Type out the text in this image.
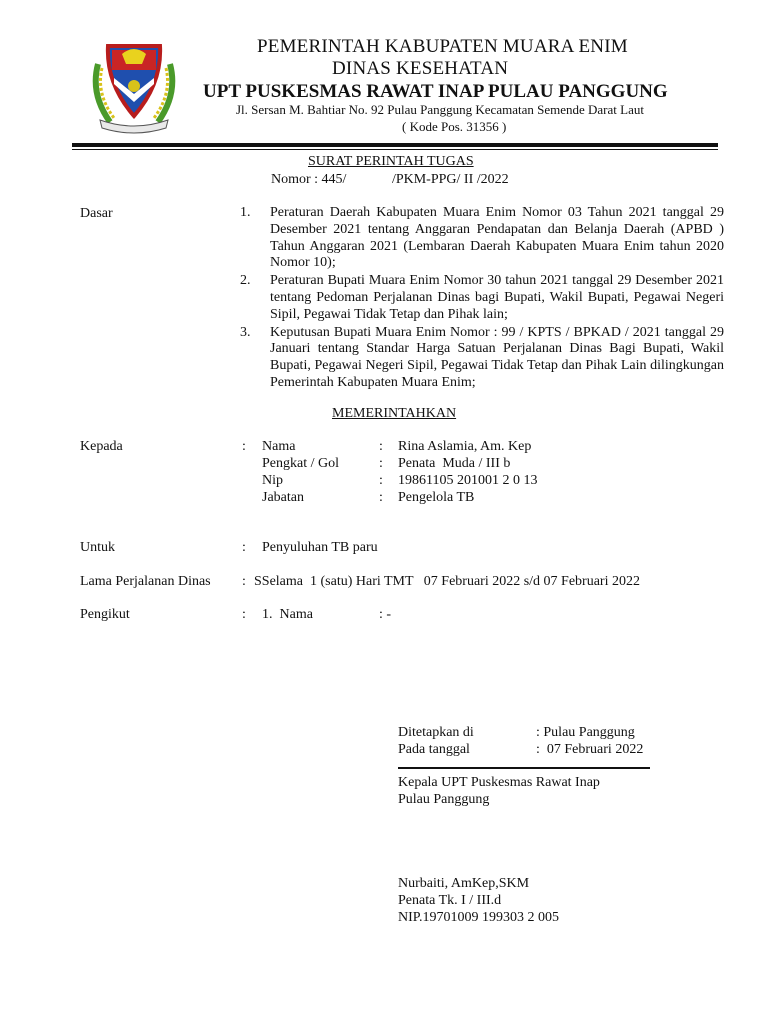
PEMERINTAH KABUPATEN MUARA ENIM
DINAS KESEHATAN
UPT PUSKESMAS RAWAT INAP PULAU PANGGUNG
Jl. Sersan M. Bahtiar No. 92 Pulau Panggung Kecamatan Semende Darat Laut
( Kode Pos. 31356 )
SURAT PERINTAH TUGAS
Nomor : 445/             /PKM-PPG/ II /2022
Dasar	1.	Peraturan Daerah Kabupaten Muara Enim Nomor 03 Tahun 2021 tanggal 29 Desember 2021 tentang Anggaran Pendapatan dan Belanja Daerah (APBD ) Tahun Anggaran 2021 (Lembaran Daerah Kabupaten Muara Enim tahun 2020 Nomor 10);
2.	Peraturan Bupati Muara Enim Nomor 30 tahun 2021 tanggal 29 Desember 2021 tentang Pedoman Perjalanan Dinas bagi Bupati, Wakil Bupati, Pegawai Negeri Sipil, Pegawai Tidak Tetap dan Pihak lain;
3.	Keputusan Bupati Muara Enim Nomor : 99 / KPTS / BPKAD / 2021 tanggal 29 Januari tentang Standar Harga Satuan Perjalanan Dinas Bagi Bupati, Wakil Bupati, Pegawai Negeri Sipil, Pegawai Tidak Tetap dan Pihak Lain dilingkungan Pemerintah Kabupaten Muara Enim;
MEMERINTAHKAN
Kepada	: Nama	: Rina Aslamia, Am. Kep
Pengkat / Gol	: Penata  Muda / III b
Nip	: 19861105 201001 2 0 13
Jabatan	: Pengelola TB
Untuk	: Penyuluhan TB paru
Lama Perjalanan Dinas : SSelama  1 (satu) Hari TMT   07 Februari 2022 s/d 07 Februari 2022
Pengikut	: 1.  Nama	: -
Ditetapkan di	: Pulau Panggung
Pada tanggal	:  07 Februari 2022
Kepala UPT Puskesmas Rawat Inap
Pulau Panggung
Nurbaiti, AmKep,SKM
Penata Tk. I / III.d
NIP.19701009 199303 2 005
